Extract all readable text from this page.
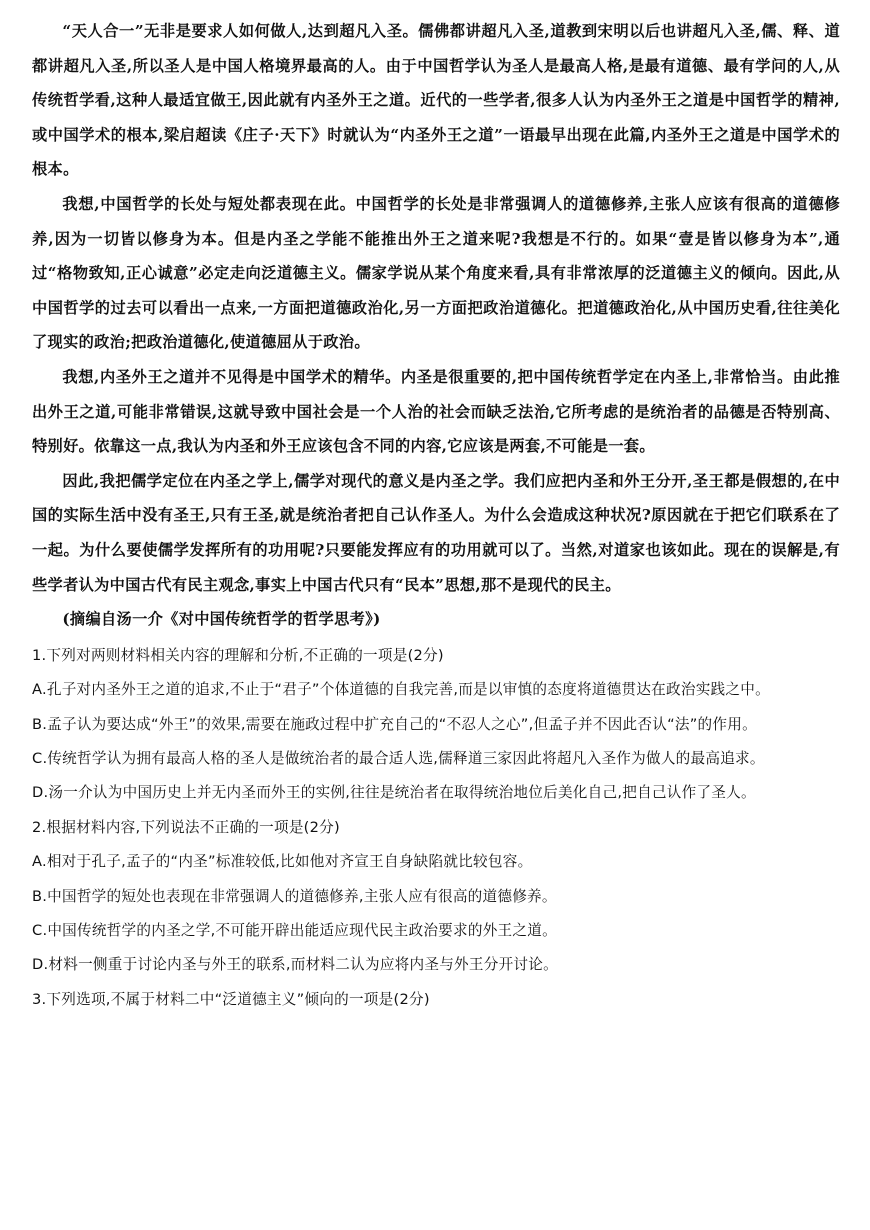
“天人合一”无非是要求人如何做人,达到超凡入圣。儒佛都讲超凡入圣,道教到宋明以后也讲超凡入圣,儒、释、道都讲超凡入圣,所以圣人是中国人格境界最高的人。由于中国哲学认为圣人是最高人格,是最有道德、最有学问的人,从传统哲学看,这种人最适宜做王,因此就有内圣外王之道。近代的一些学者,很多人认为内圣外王之道是中国哲学的精神,或中国学术的根本,梁启超读《庄子·天下》时就认为“内圣外王之道”一语最早出现在此篇,内圣外王之道是中国学术的根本。

我想,中国哲学的长处与短处都表现在此。中国哲学的长处是非常强调人的道德修养,主张人应该有很高的道德修养,因为一切皆以修身为本。但是内圣之学能不能推出外王之道来呢?我想是不行的。如果“壹是皆以修身为本”,通过“格物致知,正心诚意”必定走向泛道德主义。儒家学说从某个角度来看,具有非常浓厚的泛道德主义的倾向。因此,从中国哲学的过去可以看出一点来,一方面把道德政治化,另一方面把政治道德化。把道德政治化,从中国历史看,往往美化了现实的政治;把政治道德化,使道德屈从于政治。

我想,内圣外王之道并不见得是中国学术的精华。内圣是很重要的,把中国传统哲学定在内圣上,非常恰当。由此推出外王之道,可能非常错误,这就导致中国社会是一个人治的社会而缺乏法治,它所考虑的是统治者的品德是否特别高、特别好。依靠这一点,我认为内圣和外王应该包含不同的内容,它应该是两套,不可能是一套。

因此,我把儒学定位在内圣之学上,儒学对现代的意义是内圣之学。我们应把内圣和外王分开,圣王都是假想的,在中国的实际生活中没有圣王,只有王圣,就是统治者把自己认作圣人。为什么会造成这种状况?原因就在于把它们联系在了一起。为什么要使儒学发挥所有的功用呢?只要能发挥应有的功用就可以了。当然,对道家也该如此。现在的误解是,有些学者认为中国古代有民主观念,事实上中国古代只有“民本”思想,那不是现代的民主。

(摘编自汤一介《对中国传统哲学的哲学思考》)

1.下列对两则材料相关内容的理解和分析,不正确的一项是(2分)

A.孔子对内圣外王之道的追求,不止于“君子”个体道德的自我完善,而是以审慎的态度将道德贯达在政治实践之中。

B.孟子认为要达成“外王”的效果,需要在施政过程中扩充自己的“不忍人之心”,但孟子并不因此否认“法”的作用。

C.传统哲学认为拥有最高人格的圣人是做统治者的最合适人选,儒释道三家因此将超凡入圣作为做人的最高追求。

D.汤一介认为中国历史上并无内圣而外王的实例,往往是统治者在取得统治地位后美化自己,把自己认作了圣人。

2.根据材料内容,下列说法不正确的一项是(2分)

A.相对于孔子,孟子的“内圣”标准较低,比如他对齐宣王自身缺陷就比较包容。

B.中国哲学的短处也表现在非常强调人的道德修养,主张人应有很高的道德修养。

C.中国传统哲学的内圣之学,不可能开辟出能适应现代民主政治要求的外王之道。

D.材料一侧重于讨论内圣与外王的联系,而材料二认为应将内圣与外王分开讨论。

3.下列选项,不属于材料二中“泛道德主义”倾向的一项是(2分)
